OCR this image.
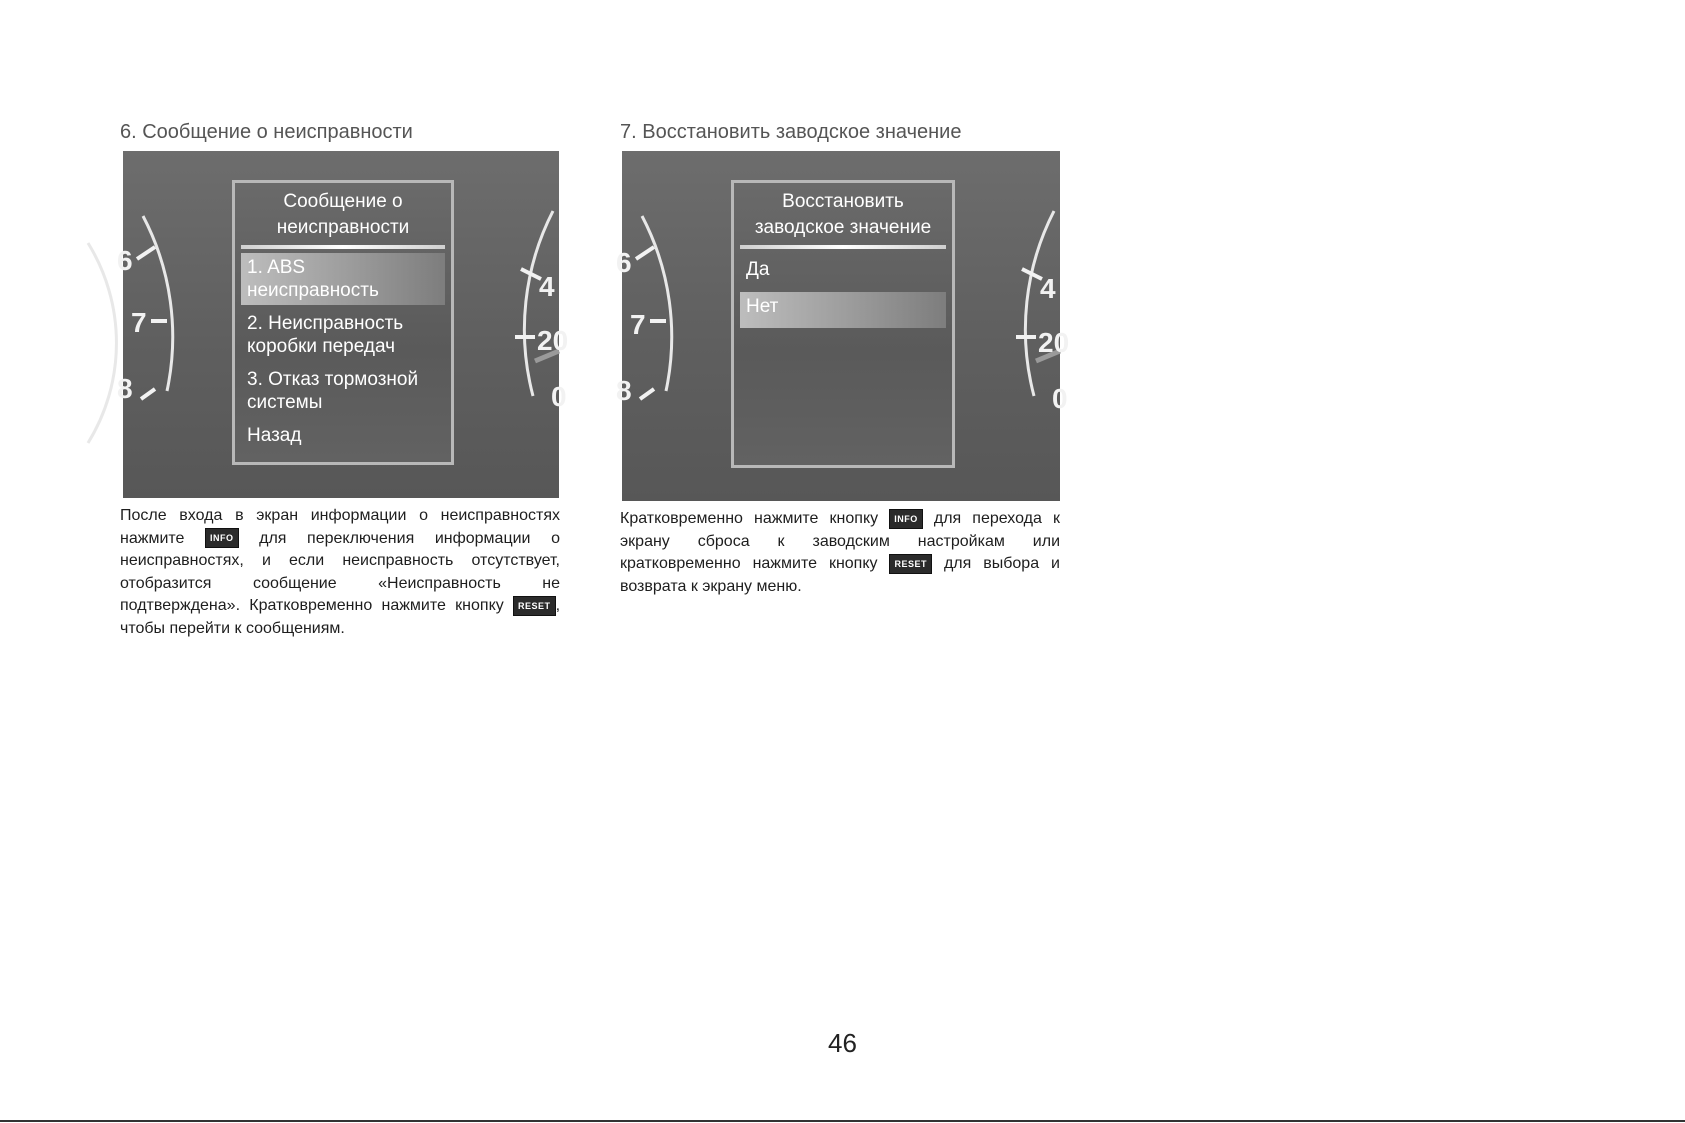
6. Сообщение о неисправности
6
7
8
4
20
0
Сообщение о неисправности
1. ABS неисправность
2. Неисправность коробки передач
3. Отказ тормозной системы
Назад

После входа в экран информации о неисправностях нажмите	INFO для переключения информации о неисправностях, и если неисправность отсутствует, отобразится сообщение «Неисправность не подтверждена». Кратковременно нажмите кнопку RESET , чтобы перейти к сообщениям.

7. Восстановить заводское значение
6
7
8
4
20
0
Восстановить заводское значение
Да
Нет

Кратковременно нажмите кнопку INFO для перехода к экрану сброса к заводским настройкам или кратковременно нажмите кнопку RESET для выбора и возврата к экрану меню.

46
